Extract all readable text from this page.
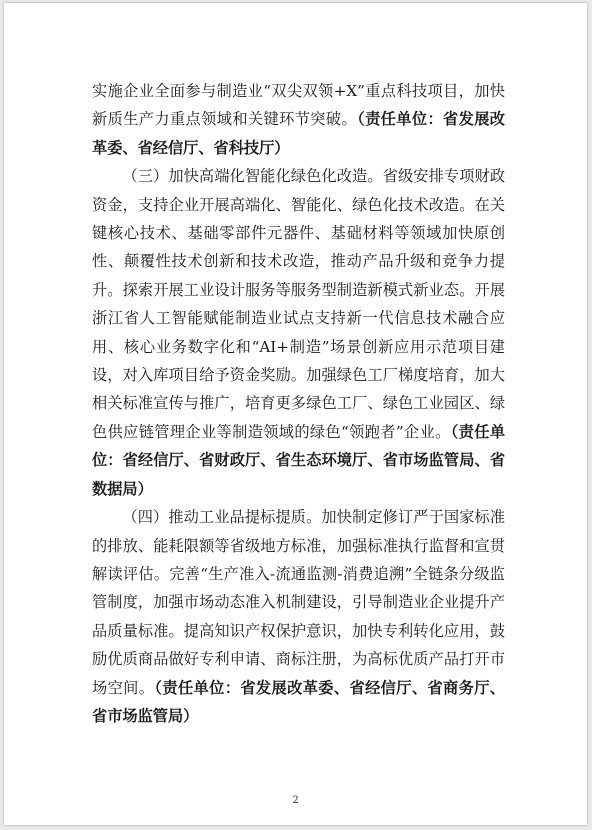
实施企业全面参与制造业“双尖双领+X”重点科技项目，加快新质生产力重点领域和关键环节突破。（责任单位：省发展改革委、省经信厅、省科技厅）

（三）加快高端化智能化绿色化改造。省级安排专项财政资金，支持企业开展高端化、智能化、绿色化技术改造。在关键核心技术、基础零部件元器件、基础材料等领域加快原创性、颠覆性技术创新和技术改造，推动产品升级和竞争力提升。探索开展工业设计服务等服务型制造新模式新业态。开展浙江省人工智能赋能制造业试点支持新一代信息技术融合应用、核心业务数字化和“AI+制造”场景创新应用示范项目建设，对入库项目给予资金奖励。加强绿色工厂梯度培育，加大相关标准宣传与推广，培育更多绿色工厂、绿色工业园区、绿色供应链管理企业等制造领域的绿色“领跑者”企业。（责任单位：省经信厅、省财政厅、省生态环境厅、省市场监管局、省数据局）

（四）推动工业品提标提质。加快制定修订严于国家标准的排放、能耗限额等省级地方标准，加强标准执行监督和宣贯解读评估。完善“生产准入-流通监测-消费追溯”全链条分级监管制度，加强市场动态准入机制建设，引导制造业企业提升产品质量标准。提高知识产权保护意识，加快专利转化应用，鼓励优质商品做好专利申请、商标注册，为高标优质产品打开市场空间。（责任单位：省发展改革委、省经信厅、省商务厅、省市场监管局）

2
